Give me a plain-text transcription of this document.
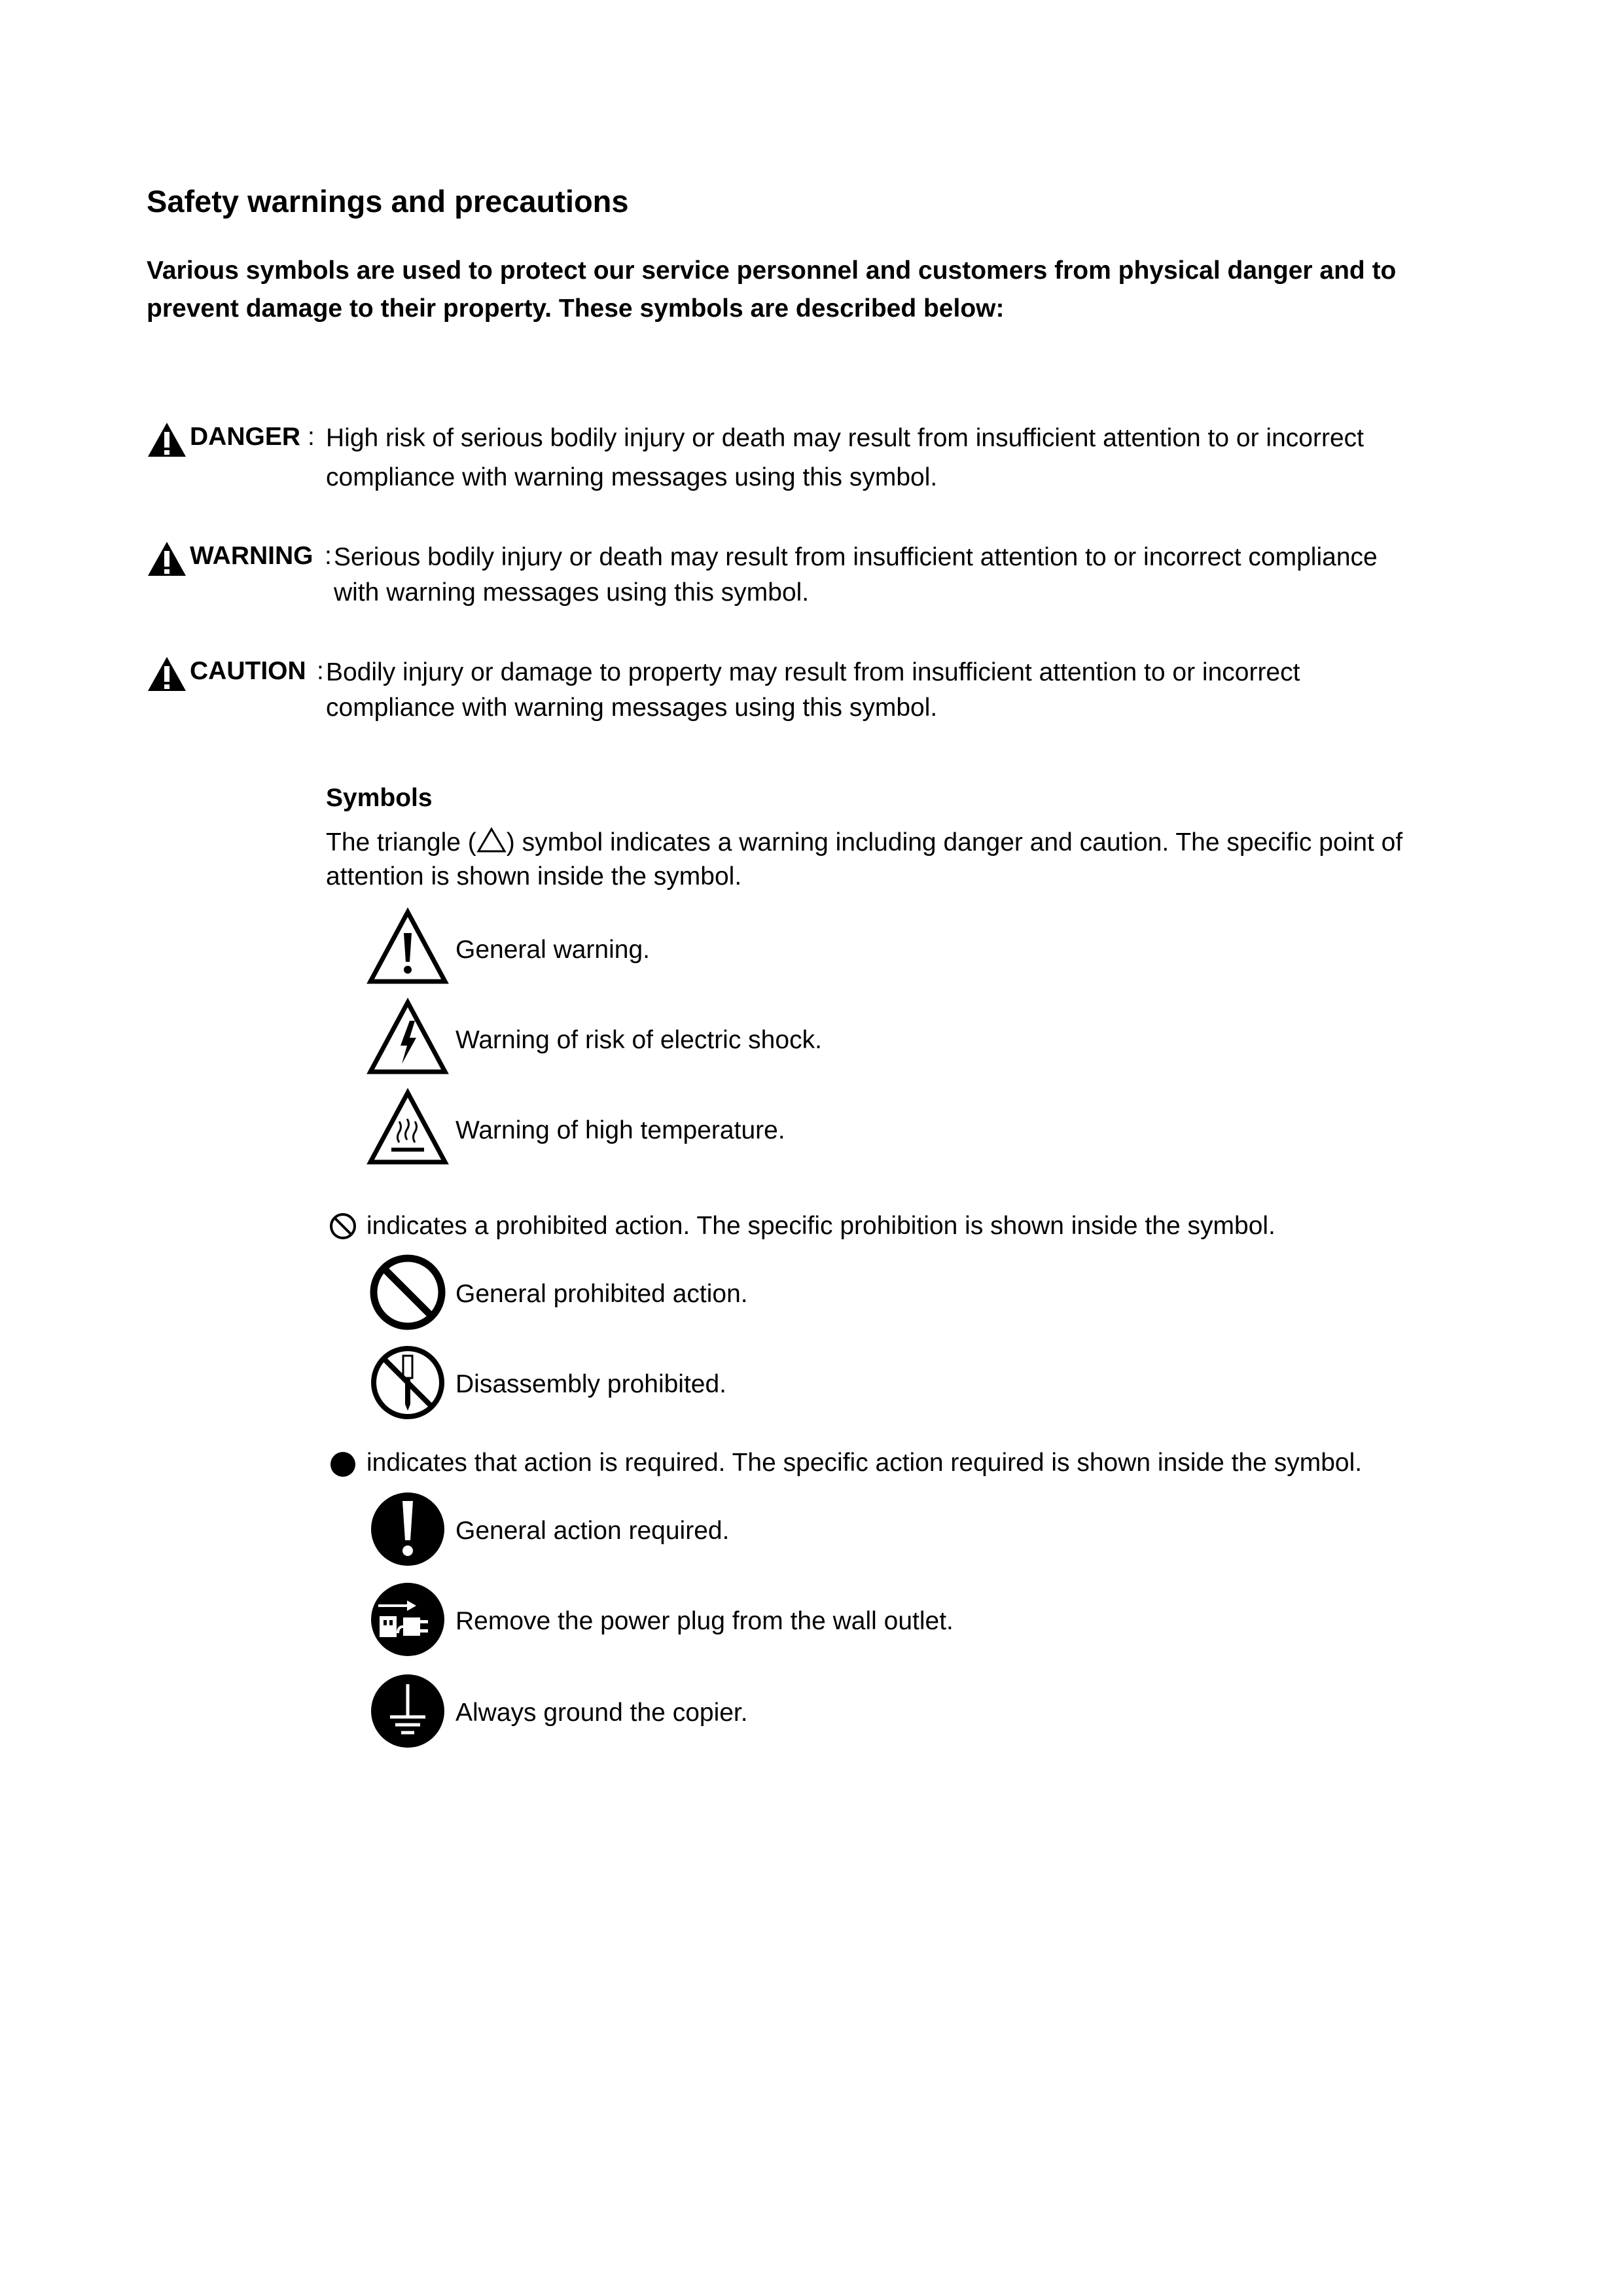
Safety warnings and precautions
Various symbols are used to protect our service personnel and customers from physical danger and to prevent damage to their property. These symbols are described below:
DANGER : High risk of serious bodily injury or death may result from insufficient attention to or incorrect
compliance with warning messages using this symbol.
WARNING : Serious bodily injury or death may result from insufficient attention to or incorrect compliance
with warning messages using this symbol.
CAUTION : Bodily injury or damage to property may result from insufficient attention to or incorrect
compliance with warning messages using this symbol.
Symbols
The triangle ( ) symbol indicates a warning including danger and caution. The specific point of attention is shown inside the symbol.
General warning.
Warning of risk of electric shock.
Warning of high temperature.
indicates a prohibited action. The specific prohibition is shown inside the symbol.
General prohibited action.
Disassembly prohibited.
indicates that action is required. The specific action required is shown inside the symbol.
General action required.
Remove the power plug from the wall outlet.
Always ground the copier.
